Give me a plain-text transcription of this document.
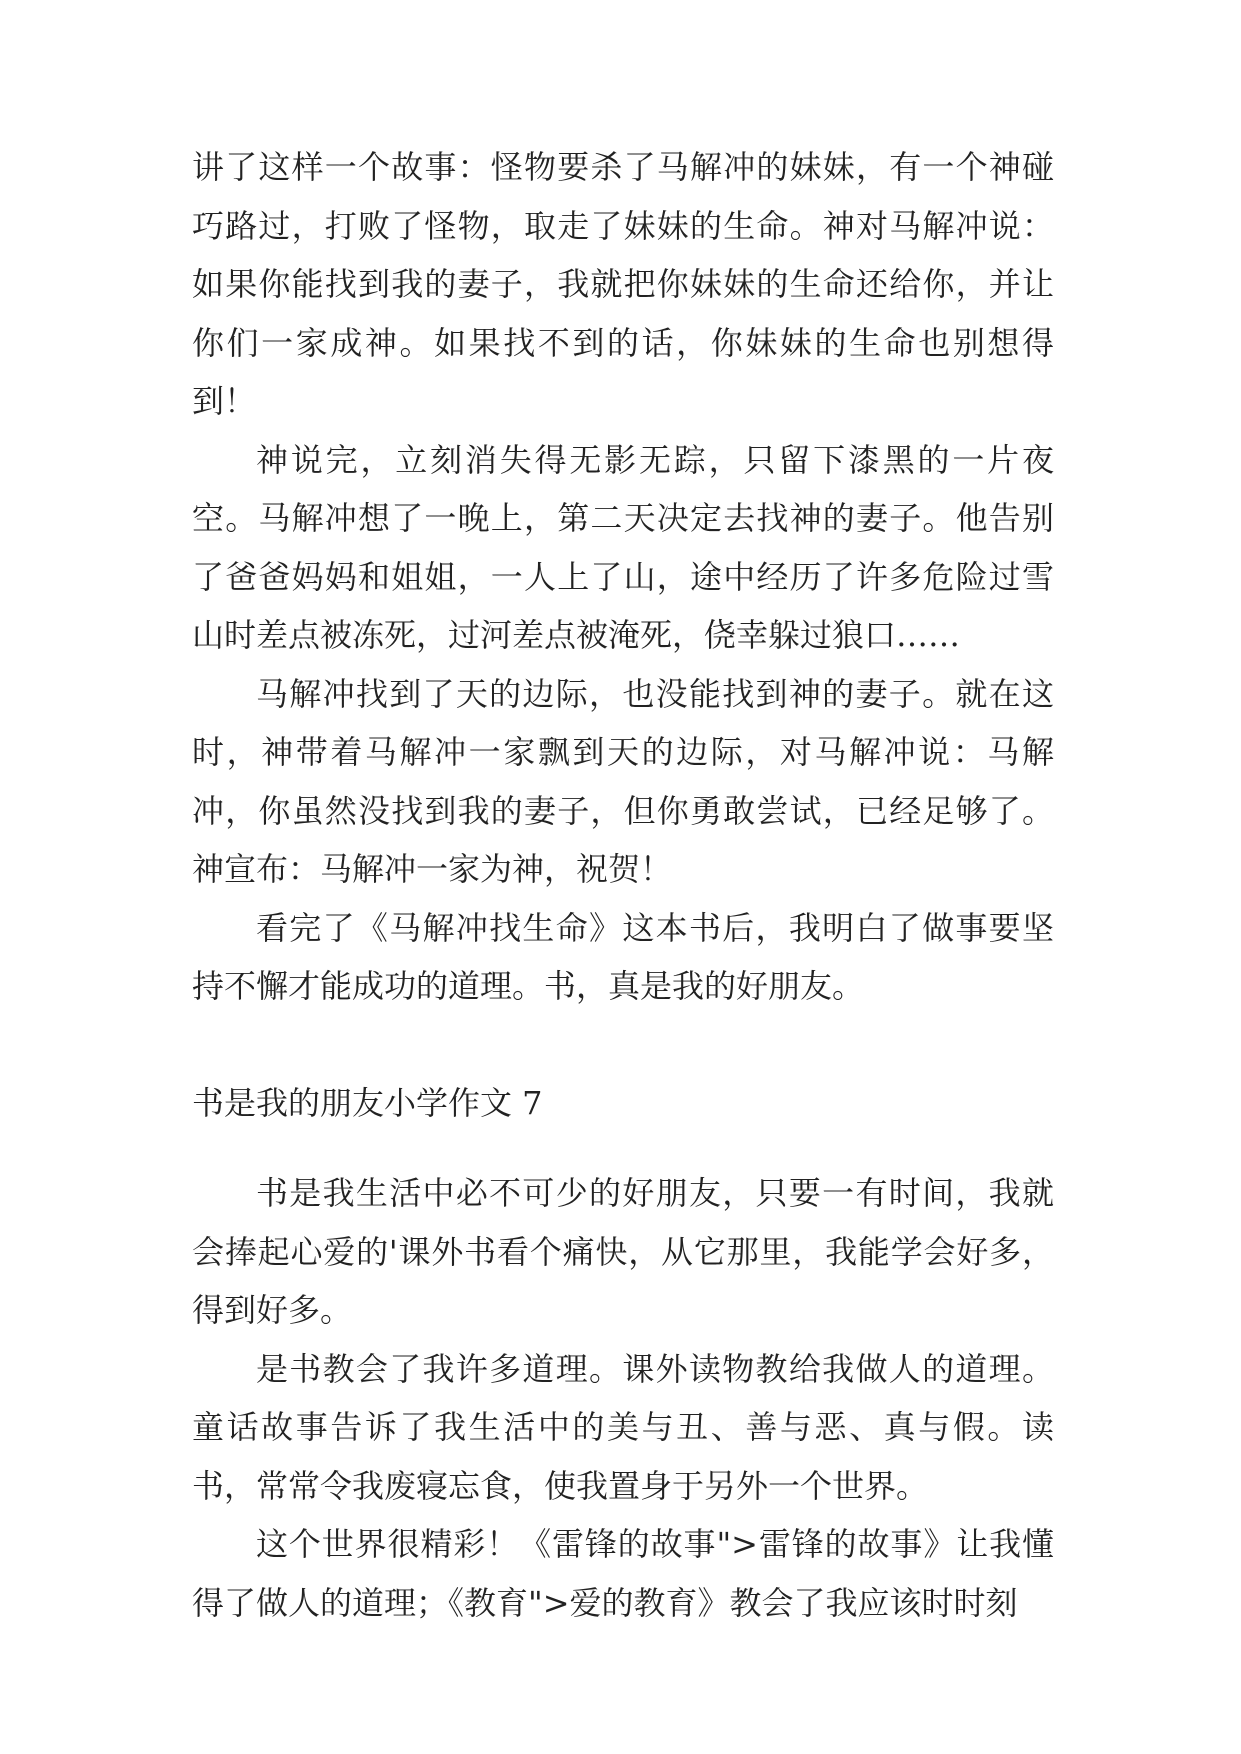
讲了这样一个故事：怪物要杀了马解冲的妹妹，有一个神碰巧路过，打败了怪物，取走了妹妹的生命。神对马解冲说：如果你能找到我的妻子，我就把你妹妹的生命还给你，并让你们一家成神。如果找不到的话，你妹妹的生命也别想得到！

神说完，立刻消失得无影无踪，只留下漆黑的一片夜空。马解冲想了一晚上，第二天决定去找神的妻子。他告别了爸爸妈妈和姐姐，一人上了山，途中经历了许多危险过雪山时差点被冻死，过河差点被淹死，侥幸躲过狼口……

马解冲找到了天的边际，也没能找到神的妻子。就在这时，神带着马解冲一家飘到天的边际，对马解冲说：马解冲，你虽然没找到我的妻子，但你勇敢尝试，已经足够了。神宣布：马解冲一家为神，祝贺！

看完了《马解冲找生命》这本书后，我明白了做事要坚持不懈才能成功的道理。书，真是我的好朋友。

书是我的朋友小学作文 7

书是我生活中必不可少的好朋友，只要一有时间，我就会捧起心爱的'课外书看个痛快，从它那里，我能学会好多，得到好多。

是书教会了我许多道理。课外读物教给我做人的道理。童话故事告诉了我生活中的美与丑、善与恶、真与假。读书，常常令我废寝忘食，使我置身于另外一个世界。

这个世界很精彩！《雷锋的故事">雷锋的故事》让我懂得了做人的道理；《教育">爱的教育》教会了我应该时时刻
